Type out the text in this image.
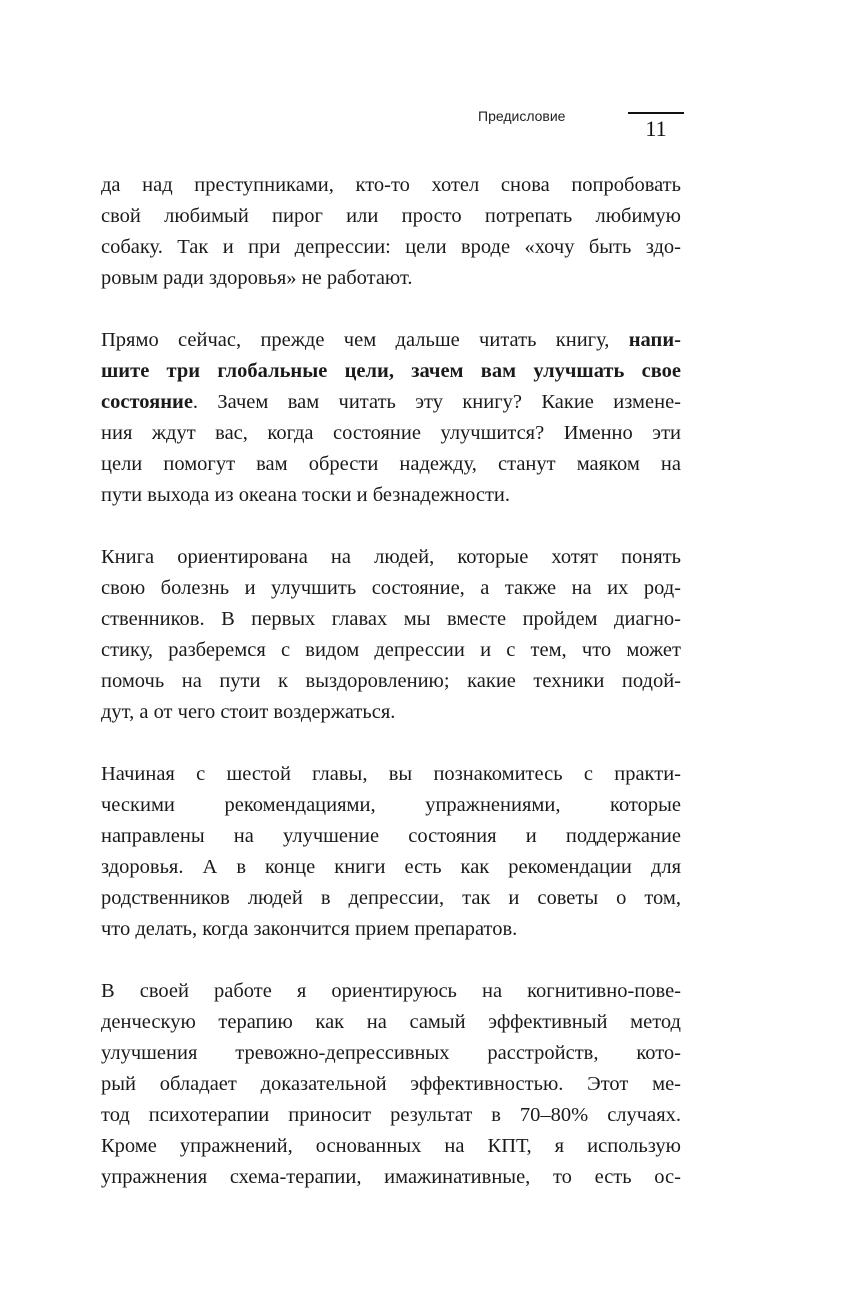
Предисловие	11

да над преступниками, кто-то хотел снова попробовать
свой любимый пирог или просто потрепать любимую
собаку. Так и при депрессии: цели вроде «хочу быть здо-
ровым ради здоровья» не работают.

Прямо сейчас, прежде чем дальше читать книгу, напи-
шите три глобальные цели, зачем вам улучшать свое
состояние. Зачем вам читать эту книгу? Какие измене-
ния ждут вас, когда состояние улучшится? Именно эти
цели помогут вам обрести надежду, станут маяком на
пути выхода из океана тоски и безнадежности.

Книга ориентирована на людей, которые хотят понять
свою болезнь и улучшить состояние, а также на их род-
ственников. В первых главах мы вместе пройдем диагно-
стику, разберемся с видом депрессии и с тем, что может
помочь на пути к выздоровлению; какие техники подой-
дут, а от чего стоит воздержаться.

Начиная с шестой главы, вы познакомитесь с практи-
ческими рекомендациями, упражнениями, которые
направлены на улучшение состояния и поддержание
здоровья. А в конце книги есть как рекомендации для
родственников людей в депрессии, так и советы о том,
что делать, когда закончится прием препаратов.

В своей работе я ориентируюсь на когнитивно-пове-
денческую терапию как на самый эффективный метод
улучшения тревожно-депрессивных расстройств, кото-
рый обладает доказательной эффективностью. Этот ме-
тод психотерапии приносит результат в 70–80% случаях.
Кроме упражнений, основанных на КПТ, я использую
упражнения схема-терапии, имажинативные, то есть ос-
